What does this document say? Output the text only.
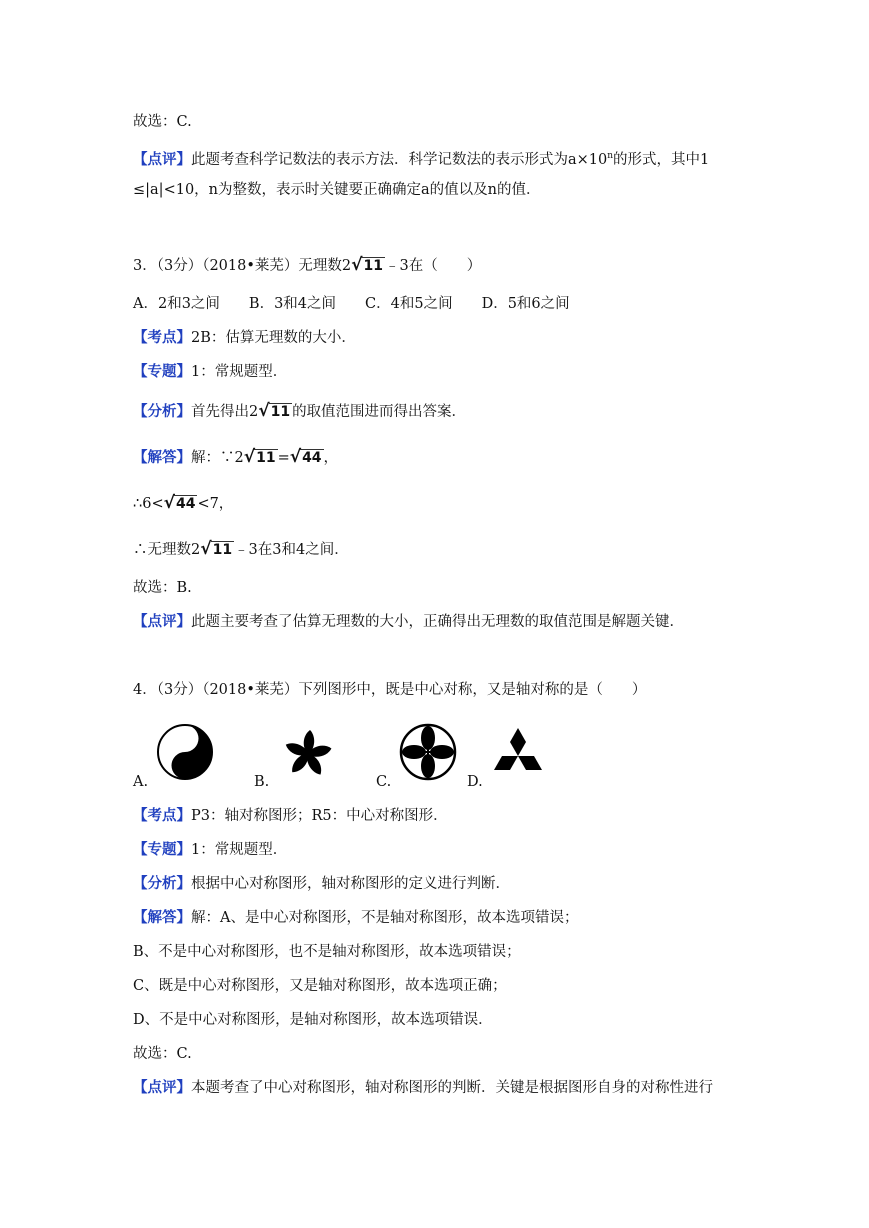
故选：C.
【点评】此题考查科学记数法的表示方法．科学记数法的表示形式为$a\times 10^n$的形式，其中1
≤|a|<10，n为整数，表示时关键要正确确定a的值以及n的值．
3．（3分）（2018•莱芜）无理数2 √ 11 ﹣3在（　　）
A．2和3之间　　B．3和4之间　　C．4和5之间　　D．5和6之间
【考点】2B：估算无理数的大小．
【专题】1：常规题型．
【分析】首先得出2 √ 11 的取值范围进而得出答案．
【解答】解：∵2 √ 11 = √ 44 ，
∴6< √ 44 <7，
∴无理数2 √ 11 ﹣3在3和4之间．
故选：B.
【点评】此题主要考查了估算无理数的大小，正确得出无理数的取值范围是解题关键．
4．（3分）（2018•莱芜）下列图形中，既是中心对称，又是轴对称的是（　　）
A.	B.	C.	D.
【考点】P3：轴对称图形；R5：中心对称图形．
【专题】1：常规题型．
【分析】根据中心对称图形，轴对称图形的定义进行判断．
【解答】解：A、是中心对称图形，不是轴对称图形，故本选项错误；
B、不是中心对称图形，也不是轴对称图形，故本选项错误；
C、既是中心对称图形，又是轴对称图形，故本选项正确；
D、不是中心对称图形，是轴对称图形，故本选项错误．
故选：C.
【点评】本题考查了中心对称图形，轴对称图形的判断．关键是根据图形自身的对称性进行
